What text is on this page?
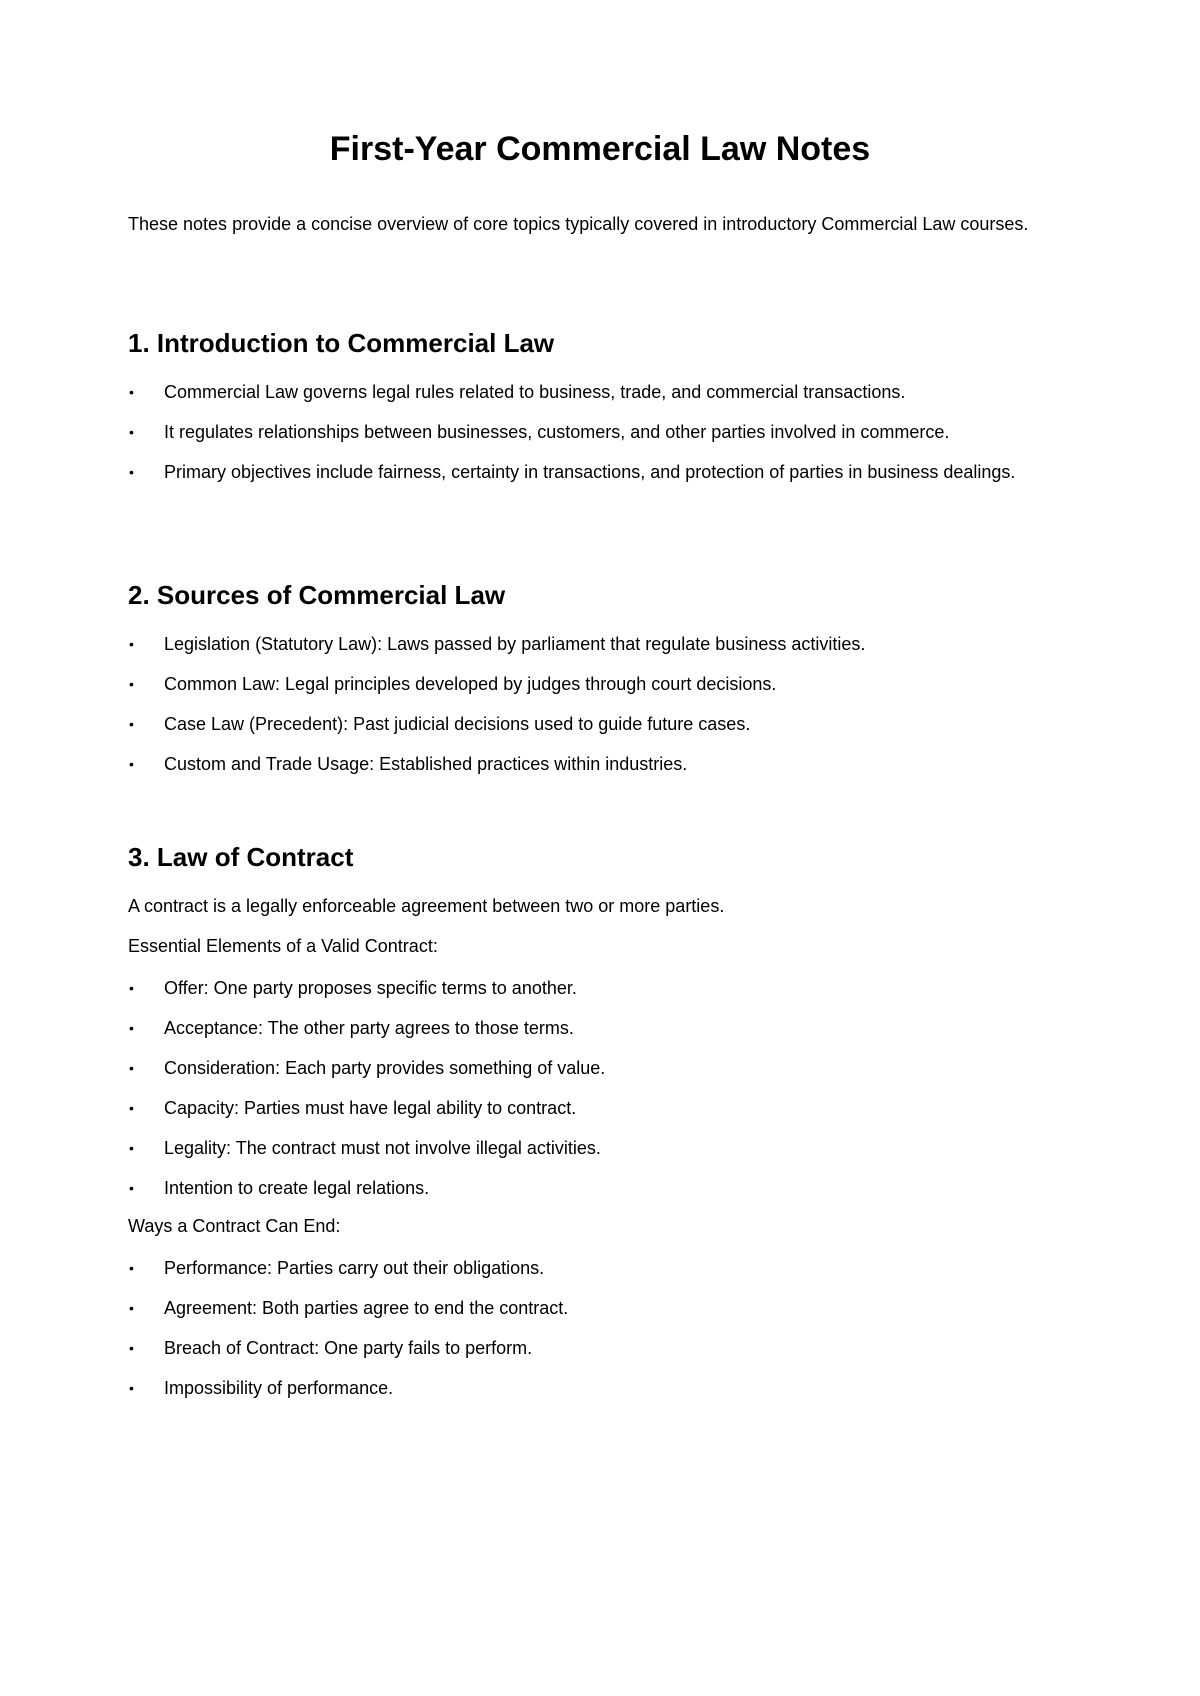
First-Year Commercial Law Notes

These notes provide a concise overview of core topics typically covered in introductory Commercial Law courses.

1. Introduction to Commercial Law
• Commercial Law governs legal rules related to business, trade, and commercial transactions.
• It regulates relationships between businesses, customers, and other parties involved in commerce.
• Primary objectives include fairness, certainty in transactions, and protection of parties in business dealings.
2. Sources of Commercial Law
• Legislation (Statutory Law): Laws passed by parliament that regulate business activities.
• Common Law: Legal principles developed by judges through court decisions.
• Case Law (Precedent): Past judicial decisions used to guide future cases.
• Custom and Trade Usage: Established practices within industries.
3. Law of Contract

A contract is a legally enforceable agreement between two or more parties.

Essential Elements of a Valid Contract:

• Offer: One party proposes specific terms to another.
• Acceptance: The other party agrees to those terms.
• Consideration: Each party provides something of value.
• Capacity: Parties must have legal ability to contract.
• Legality: The contract must not involve illegal activities.
• Intention to create legal relations.

Ways a Contract Can End:

• Performance: Parties carry out their obligations.
• Agreement: Both parties agree to end the contract.
• Breach of Contract: One party fails to perform.
• Impossibility of performance.
